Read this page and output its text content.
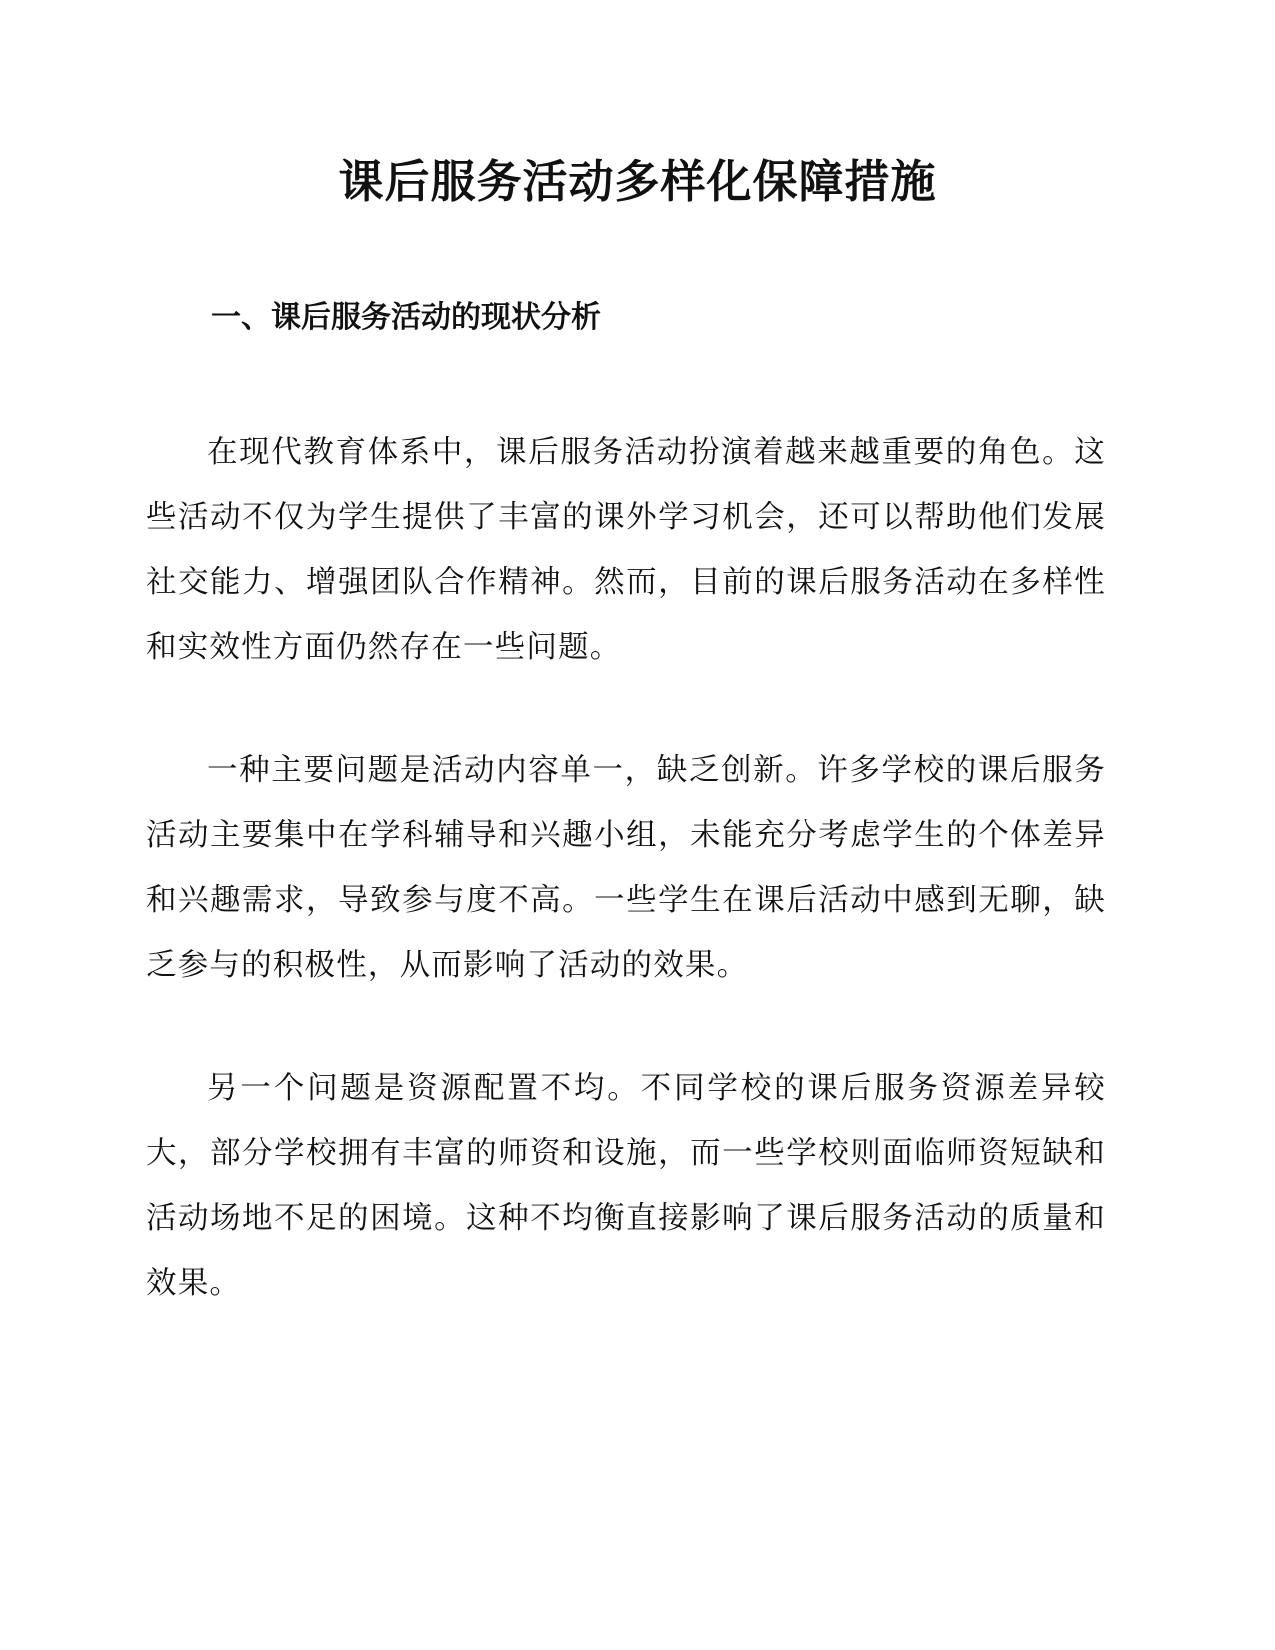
课后服务活动多样化保障措施
一、课后服务活动的现状分析

在现代教育体系中，课后服务活动扮演着越来越重要的角色。这些活动不仅为学生提供了丰富的课外学习机会，还可以帮助他们发展社交能力、增强团队合作精神。然而，目前的课后服务活动在多样性和实效性方面仍然存在一些问题。

一种主要问题是活动内容单一，缺乏创新。许多学校的课后服务活动主要集中在学科辅导和兴趣小组，未能充分考虑学生的个体差异和兴趣需求，导致参与度不高。一些学生在课后活动中感到无聊，缺乏参与的积极性，从而影响了活动的效果。

另一个问题是资源配置不均。不同学校的课后服务资源差异较大，部分学校拥有丰富的师资和设施，而一些学校则面临师资短缺和活动场地不足的困境。这种不均衡直接影响了课后服务活动的质量和效果。
